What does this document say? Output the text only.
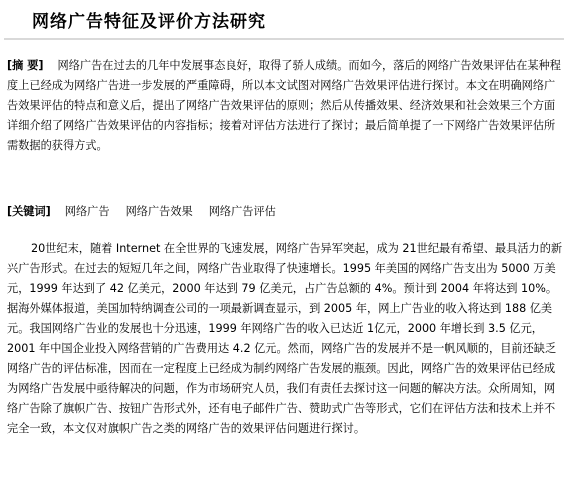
网络广告特征及评价方法研究

[摘 要] 网络广告在过去的几年中发展事态良好，取得了骄人成绩。而如今，落后的网络广告效果评估在某种程度上已经成为网络广告进一步发展的严重障碍，所以本文试图对网络广告效果评估进行探讨。本文在明确网络广告效果评估的特点和意义后，提出了网络广告效果评估的原则；然后从传播效果、经济效果和社会效果三个方面详细介绍了网络广告效果评估的内容指标；接着对评估方法进行了探讨；最后简单提了一下网络广告效果评估所需数据的获得方式。

[关键词] 网络广告 网络广告效果 网络广告评估

20世纪末，随着 Internet 在全世界的飞速发展，网络广告异军突起，成为 21世纪最有希望、最具活力的新兴广告形式。在过去的短短几年之间，网络广告业取得了快速增长。1995 年美国的网络广告支出为 5000 万美元，1999 年达到了 42 亿美元，2000 年达到 79 亿美元，占广告总额的 4%。预计到 2004 年将达到 10%。据海外媒体报道，美国加特纳调查公司的一项最新调查显示，到 2005 年，网上广告业的收入将达到 188 亿美元。我国网络广告业的发展也十分迅速，1999 年网络广告的收入已达近 1亿元，2000 年增长到 3.5 亿元，2001 年中国企业投入网络营销的广告费用达 4.2 亿元。然而，网络广告的发展并不是一帆风顺的，目前还缺乏网络广告的评估标准，因而在一定程度上已经成为制约网络广告发展的瓶颈。因此，网络广告的效果评估已经成为网络广告发展中亟待解决的问题，作为市场研究人员，我们有责任去探讨这一问题的解决方法。众所周知，网络广告除了旗帜广告、按钮广告形式外，还有电子邮件广告、赞助式广告等形式，它们在评估方法和技术上并不完全一致，本文仅对旗帜广告之类的网络广告的效果评估问题进行探讨。
